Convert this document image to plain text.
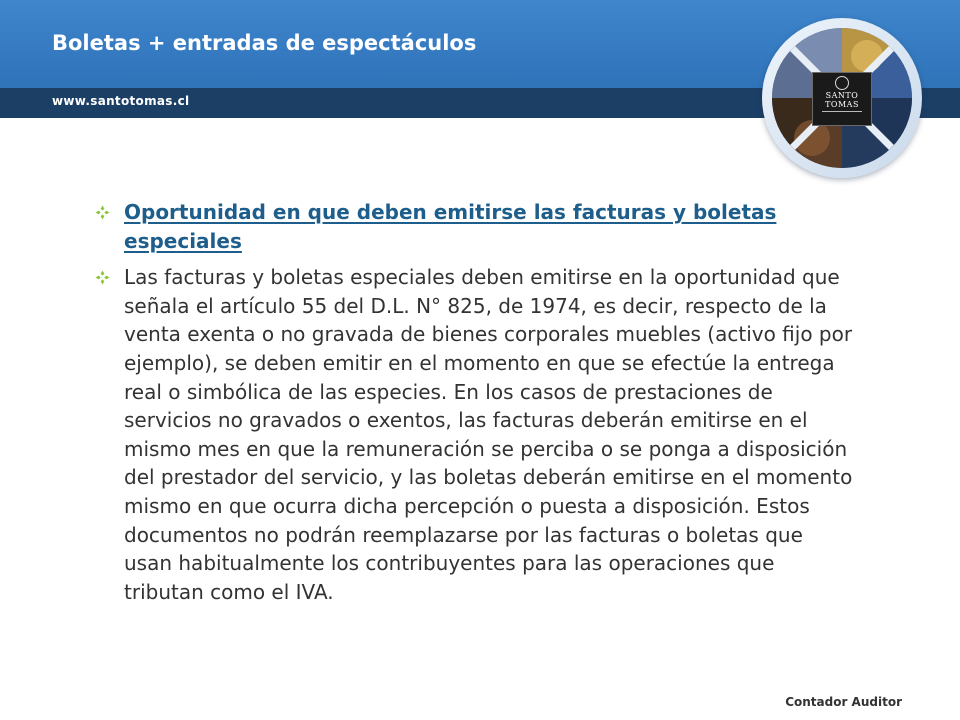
Boletas + entradas de espectáculos
www.santotomas.cl	SANTO
TOMAS
Oportunidad en que deben emitirse las facturas y boletas especiales
Las facturas y boletas especiales deben emitirse en la oportunidad que señala el artículo 55 del D.L. N° 825, de 1974, es decir, respecto de la venta exenta o no gravada de bienes corporales muebles (activo fijo por ejemplo), se deben emitir en el momento en que se efectúe la entrega real o simbólica de las especies. En los casos de prestaciones de servicios no gravados o exentos, las facturas deberán emitirse en el mismo mes en que la remuneración se perciba o se ponga a disposición del prestador del servicio, y las boletas deberán emitirse en el momento mismo en que ocurra dicha percepción o puesta a disposición. Estos documentos no podrán reemplazarse por las facturas o boletas que usan habitualmente los contribuyentes para las operaciones que tributan como el IVA.
Contador Auditor
